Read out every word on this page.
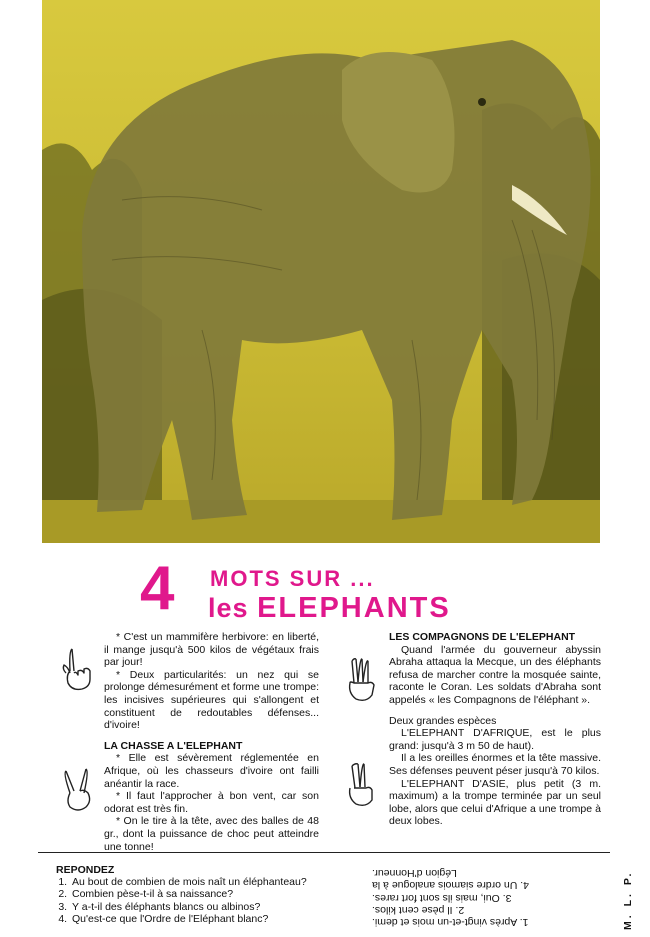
4 MOTS SUR ...
les ELEPHANTS

* C'est un mammifère herbivore: en liberté, il mange jusqu'à 500 kilos de végétaux frais par jour!

* Deux particularités: un nez qui se prolonge démesurément et forme une trompe: les incisives supérieures qui s'allongent et constituent de redoutables défenses... d'ivoire!

LA CHASSE A L'ELEPHANT

* Elle est sévèrement réglementée en Afrique, où les chasseurs d'ivoire ont failli anéantir la race.

* Il faut l'approcher à bon vent, car son odorat est très fin.

* On le tire à la tête, avec des balles de 48 gr., dont la puissance de choc peut atteindre une tonne!

LES COMPAGNONS DE L'ELEPHANT

Quand l'armée du gouverneur abyssin Abraha attaqua la Mecque, un des éléphants refusa de marcher contre la mosquée sainte, raconte le Coran. Les soldats d'Abraha sont appelés « les Compagnons de l'éléphant ».

Deux grandes espèces

L'ELEPHANT D'AFRIQUE, est le plus grand: jusqu'à 3 m 50 de haut).

Il a les oreilles énormes et la tête massive. Ses défenses peuvent péser jusqu'à 70 kilos.

L'ELEPHANT D'ASIE, plus petit (3 m. maximum) a la trompe terminée par un seul lobe, alors que celui d'Afrique a une trompe à deux lobes.

REPONDEZ
1. Au bout de combien de mois naît un éléphanteau?
2. Combien pèse-t-il à sa naissance?
3. Y a-t-il des éléphants blancs ou albinos?
4. Qu'est-ce que l'Ordre de l'Eléphant blanc?	1. Après vingt-et-un mois et demi.
2. Il pèse cent kilos.
3. Oui, mais ils sont fort rares.
4. Un ordre siamois analogue à la
Légion d'Honneur.	M. L. P.
